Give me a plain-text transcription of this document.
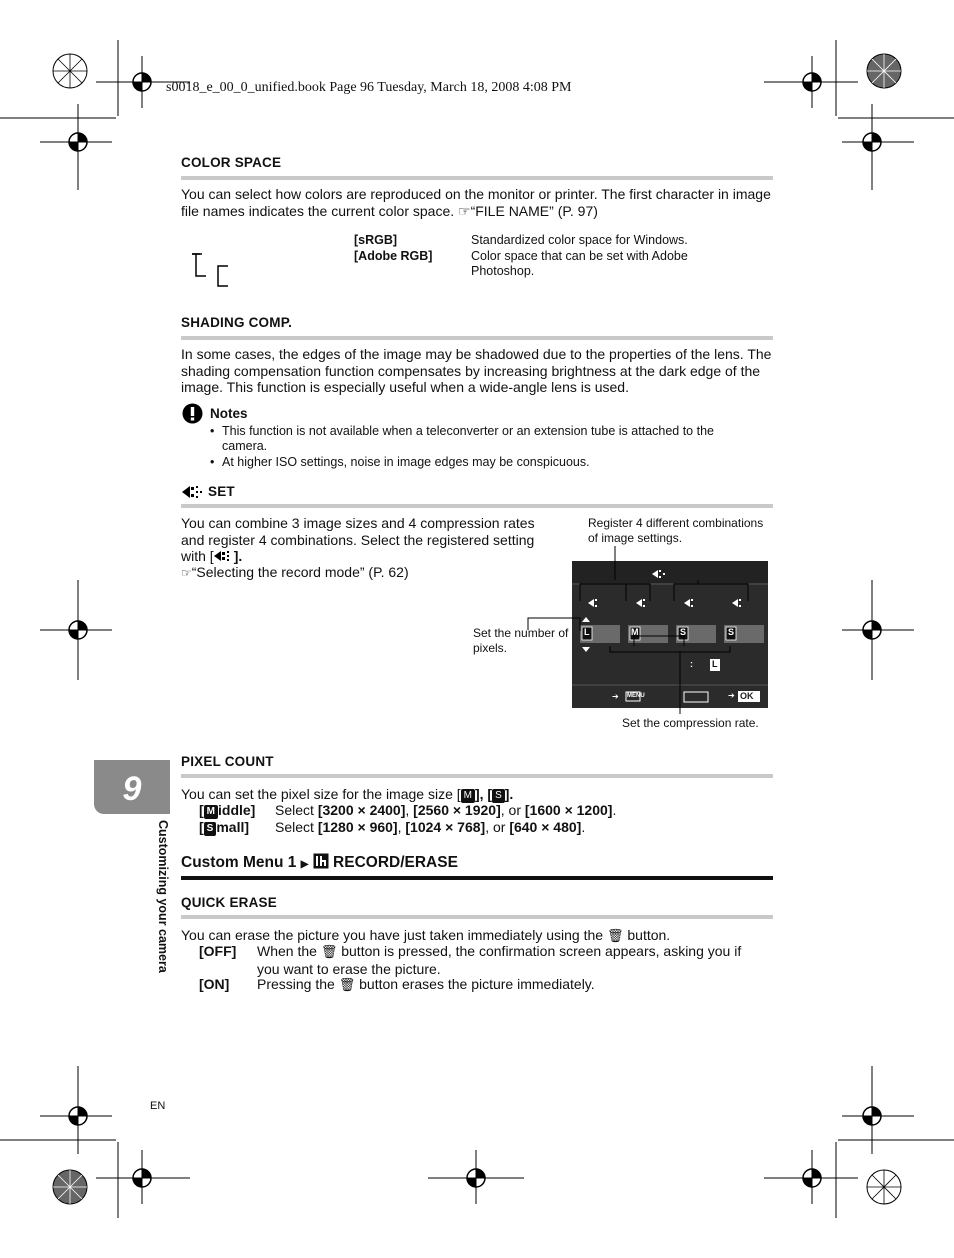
s0018_e_00_0_unified.book Page 96 Tuesday, March 18, 2008 4:08 PM
COLOR SPACE
You can select how colors are reproduced on the monitor or printer. The first character in image file names indicates the current color space. ☞“FILE NAME” (P. 97)
[sRGB]	Standardized color space for Windows.
[Adobe RGB]	Color space that can be set with Adobe Photoshop.
SHADING COMP.
In some cases, the edges of the image may be shadowed due to the properties of the lens. The shading compensation function compensates by increasing brightness at the dark edge of the image. This function is especially useful when a wide-angle lens is used.
Notes
• This function is not available when a teleconverter or an extension tube is attached to the camera.
• At higher ISO settings, noise in image edges may be conspicuous.
SET
You can combine 3 image sizes and 4 compression rates and register 4 combinations. Select the registered setting with [ ].
☞“Selecting the record mode” (P. 62)
Register 4 different combinations of image settings.
Set the number of pixels.
Set the compression rate.
L	M	S	S
: L
➔ MENU	➔ OK
PIXEL COUNT
You can set the pixel size for the image size [ M ], [ S ].
[ M iddle] Select [3200 × 2400], [2560 × 1920], or [1600 × 1200].
[ S mall] Select [1280 × 960], [1024 × 768], or [640 × 480].
Custom Menu 1 ▶ RECORD/ERASE
QUICK ERASE
You can erase the picture you have just taken immediately using the 🗑 button.
[OFF] When the 🗑 button is pressed, the confirmation screen appears, asking you if you want to erase the picture.
[ON] Pressing the 🗑 button erases the picture immediately.
9
Customizing your camera
EN
